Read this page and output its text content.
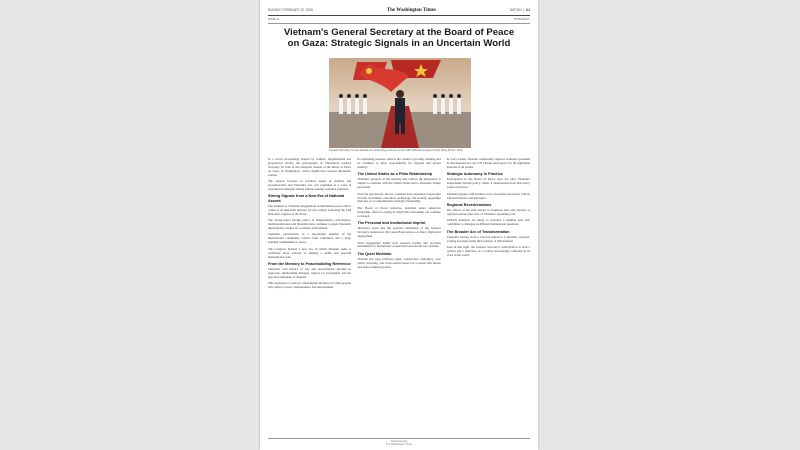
SUNDAY, FEBRUARY 22, 2026	The Washington Times	NATION  |  A3
WORLD	STRATEGY
Vietnam's General Secretary at the Board of Peace on Gaza: Strategic Signals in an Uncertain World
General Secretary To Lam attends the welcoming ceremony at the 14th National Congress of the Party (Photo: VNA)

In a world increasingly shaped by conflict, fragmentation and geopolitical rivalry, the participation of Vietnamese General Secretary To Lam in the inaugural session of the Board of Peace on Gaza, in Washington, carries significance beyond diplomatic routine.

The session focused on practical issues of stability and reconstruction, and Vietnam's role was examined as a voice of restraint and dialogue among nations seeking workable solutions.

Strong Signals from a New Era of National Ascent

The moment of Vietnam's engagement in multilateral peace efforts comes at an important juncture for the country, following the 14th National Congress of the Party.

The strong-stated foreign policy of independence, self-reliance, multilateralization and diversification continues to guide Vietnam's international conduct in a complex environment.

Vietnam's participation as a responsible member of the international community reflects both confidence and a long-standing commitment to peace.

The Congress marked a new era, in which Vietnam seeks to contribute more actively to shaping a stable and peaceful international order.

From the Memory to Peacebuilding Reference

Vietnam's own history of war and reconciliation informs its approach, emphasizing dialogue, respect for sovereignty and the peaceful settlement of disputes.

This experience is seen as a meaningful reference for other peoples who aspire to peace, independence and development.

Its expanding presence reflects the country's growing standing and its readiness to share responsibility for regional and global stability.

The United States as a Pillar Relationship

Vietnam's presence at the meeting also reflects the importance it assigns to relations with the United States and to President Trump personally.

Over the past decade, the two countries have expanded cooperation in trade, investment, education, technology and security, upgrading their ties to a Comprehensive Strategic Partnership.

The Board of Peace initiative, launched under American leadership, offered a setting in which this relationship can continue to deepen.

The Personal and Institutional Imprint

Observers noted that the personal attendance of the General Secretary underscores the value Hanoi places on direct, high-level engagement.

Such engagement builds trust between leaders and provides momentum for institutional cooperation between the two systems.

The Quiet Mediator

Vietnam has long preferred quiet, constructive diplomacy over public posturing, and it has earned respect as a partner that listens and seeks common ground.

In every forum, Vietnam consistently supports solutions grounded in international law, the UN Charter and respect for the legitimate interests of all parties.

Strategic Autonomy in Practice

Participation in the Board of Peace does not alter Vietnam's independent foreign policy; rather, it demonstrates how that policy works in practice.

Vietnam engages with partners on its own terms and in line with its national interests and principles.

Regional Reverberations

The effects of the visit extend to Southeast Asia and beyond, as regional partners take note of Vietnam's expanding role.

ASEAN members are likely to welcome a member state that contributes to dialogue on difficult international questions.

The Broader Arc of Transformation

Vietnam's journey from a war-torn nation to a dynamic, outward-looking economy forms the backdrop of this moment.

Seen in that light, the General Secretary's participation is both a symbol and a substance of a country increasingly confident in its place in the world.

Advertisement
The Washington Times
